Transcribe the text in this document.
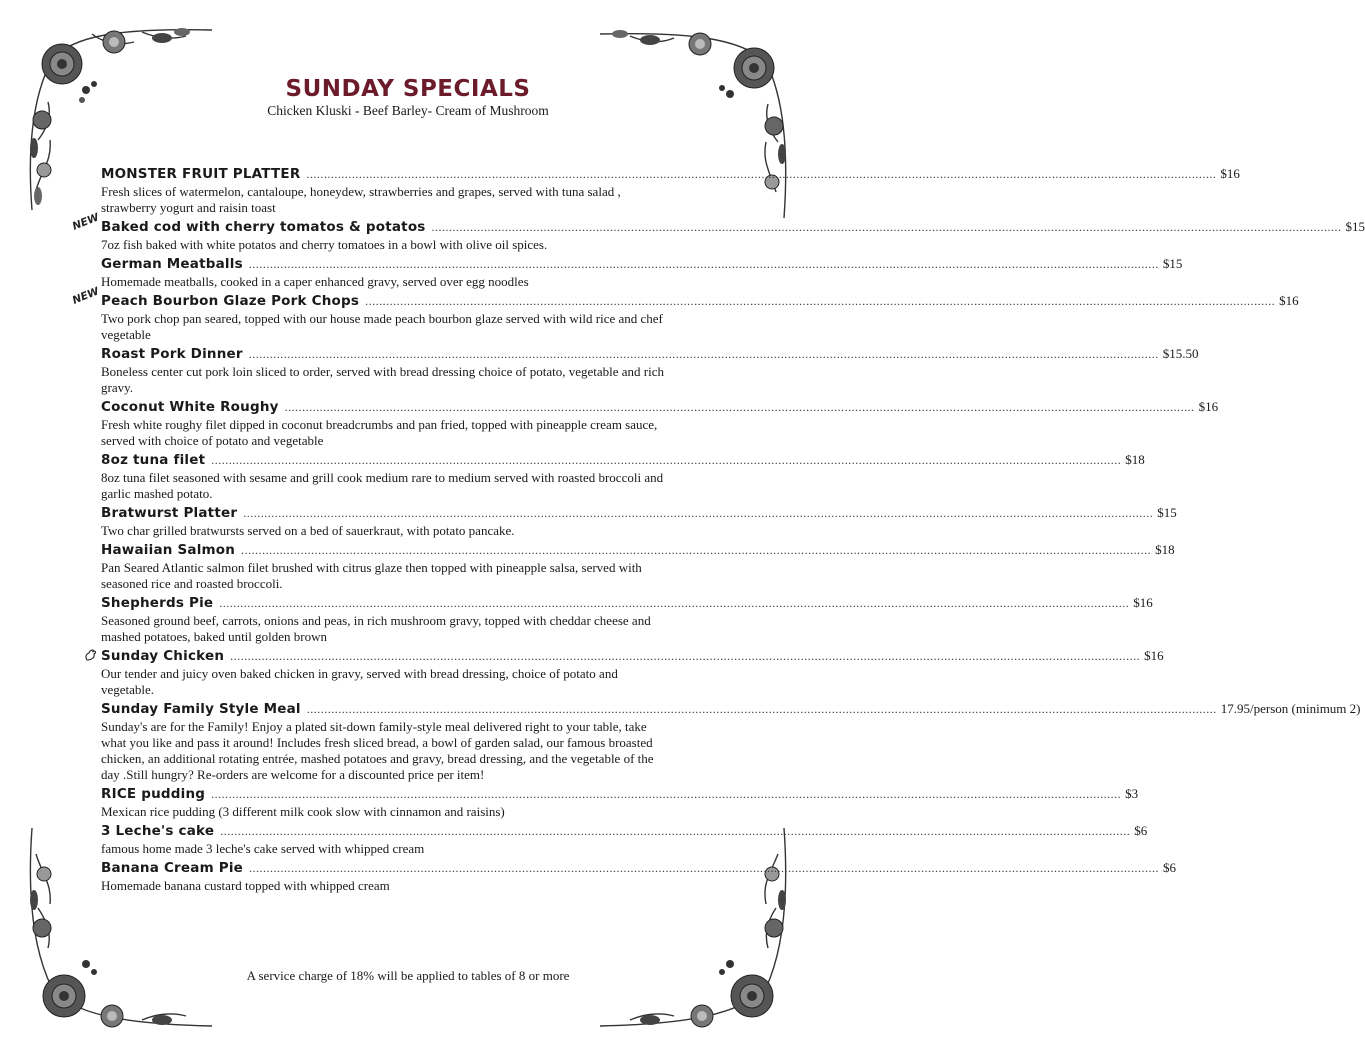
SUNDAY SPECIALS
Chicken Kluski - Beef Barley- Cream of Mushroom
MONSTER FRUIT PLATTER .................................................................................................................................................................................................................................................................... $16
Fresh slices of watermelon, cantaloupe, honeydew, strawberries and grapes, served with tuna salad , strawberry yogurt and raisin toast
NEW Baked cod with cherry tomatos & potatos .................................................................................................................................................................................................................................................................... $15
7oz fish baked with white potatos and cherry tomatoes in a bowl with olive oil spices.
German Meatballs .................................................................................................................................................................................................................................................................... $15
Homemade meatballs, cooked in a caper enhanced gravy, served over egg noodles
NEW Peach Bourbon Glaze Pork Chops .................................................................................................................................................................................................................................................................... $16
Two pork chop pan seared, topped with our house made peach bourbon glaze served with wild rice and chef vegetable
Roast Pork Dinner .................................................................................................................................................................................................................................................................... $15.50
Boneless center cut pork loin sliced to order, served with bread dressing choice of potato, vegetable and rich gravy.
Coconut White Roughy .................................................................................................................................................................................................................................................................... $16
Fresh white roughy filet dipped in coconut breadcrumbs and pan fried, topped with pineapple cream sauce, served with choice of potato and vegetable
8oz tuna filet .................................................................................................................................................................................................................................................................... $18
8oz tuna filet seasoned with sesame and grill cook medium rare to medium served with roasted broccoli and garlic mashed potato.
Bratwurst Platter .................................................................................................................................................................................................................................................................... $15
Two char grilled bratwursts served on a bed of sauerkraut, with potato pancake.
Hawaiian Salmon .................................................................................................................................................................................................................................................................... $18
Pan Seared Atlantic salmon filet brushed with citrus glaze then topped with pineapple salsa, served with seasoned rice and roasted broccoli.
Shepherds Pie .................................................................................................................................................................................................................................................................... $16
Seasoned ground beef, carrots, onions and peas, in rich mushroom gravy, topped with cheddar cheese and mashed potatoes, baked until golden brown
Sunday Chicken .................................................................................................................................................................................................................................................................... $16
Our tender and juicy oven baked chicken in gravy, served with bread dressing, choice of potato and vegetable.
Sunday Family Style Meal .................................................................................................................................................................................................................................................................... 17.95/person (minimum 2)
Sunday's are for the Family! Enjoy a plated sit-down family-style meal delivered right to your table, take what you like and pass it around! Includes fresh sliced bread, a bowl of garden salad, our famous broasted chicken, an additional rotating entrée, mashed potatoes and gravy, bread dressing, and the vegetable of the day .Still hungry? Re-orders are welcome for a discounted price per item!
RICE pudding .................................................................................................................................................................................................................................................................... $3
Mexican rice pudding (3 different milk cook slow with cinnamon and raisins)
3 Leche's cake .................................................................................................................................................................................................................................................................... $6
famous home made 3 leche's cake served with whipped cream
Banana Cream Pie .................................................................................................................................................................................................................................................................... $6
Homemade banana custard topped with whipped cream
A service charge of 18% will be applied to tables of 8 or more
